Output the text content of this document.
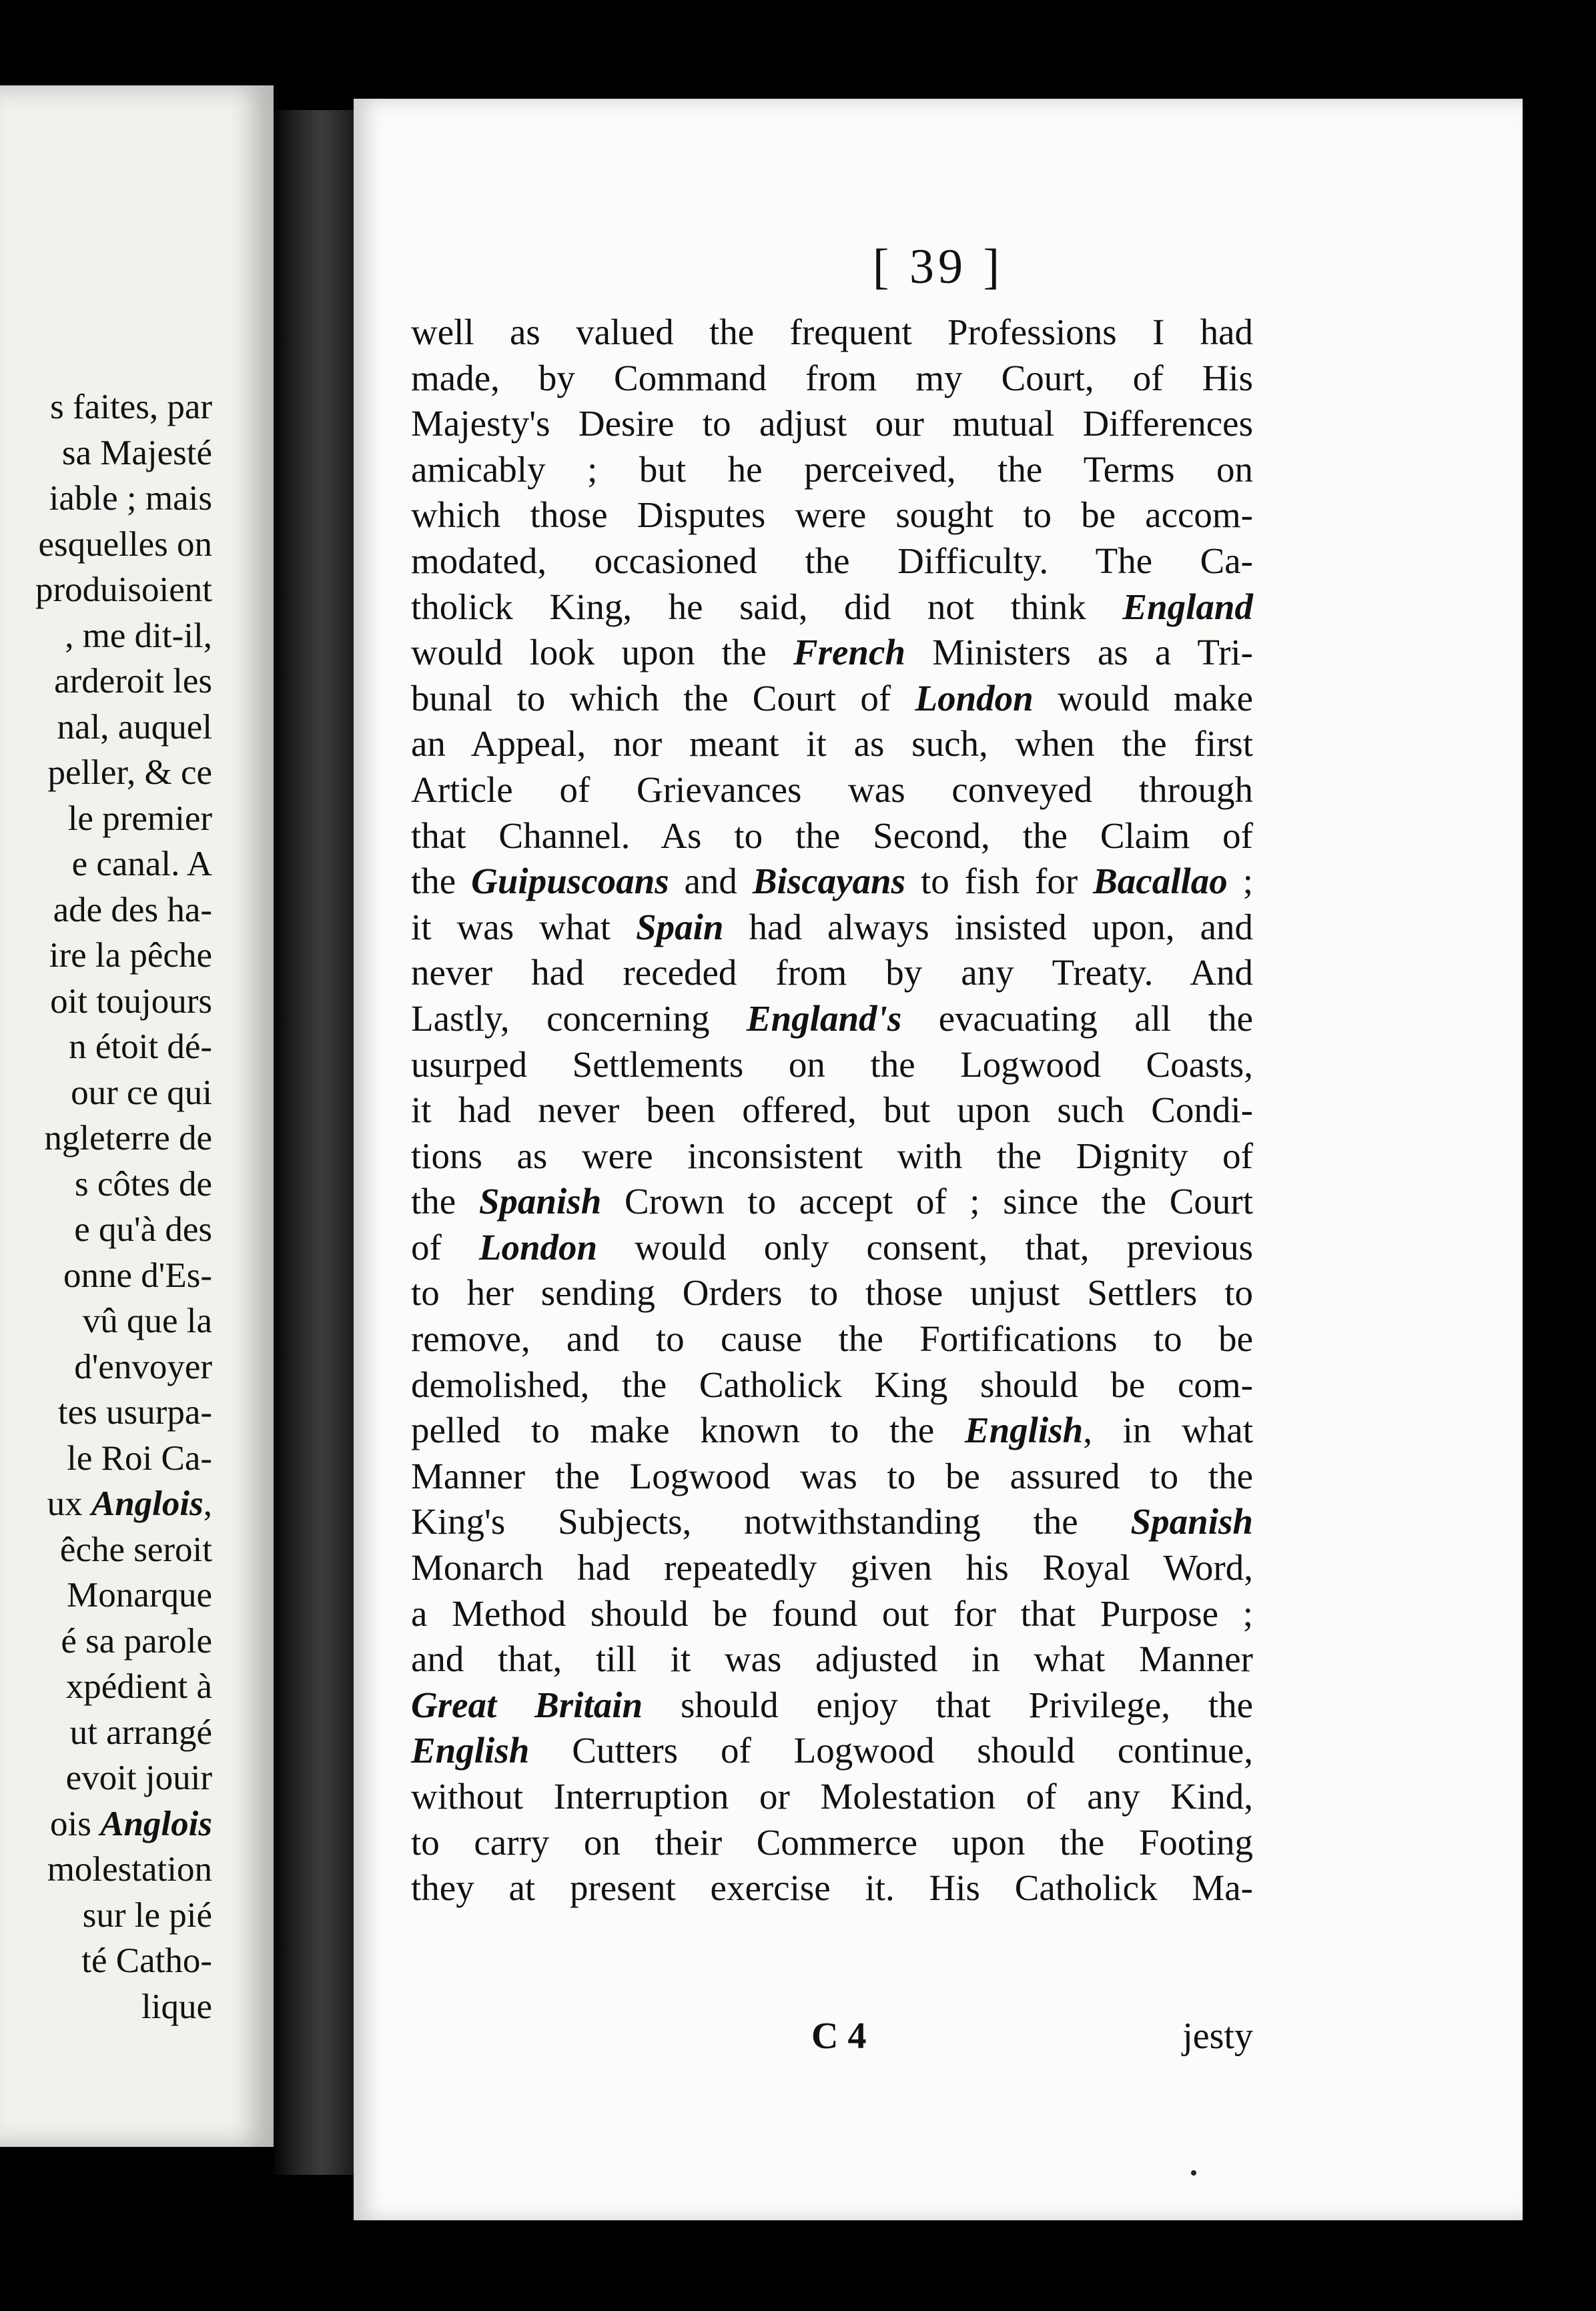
s faites, par
sa Majesté
iable ; mais
esquelles on
produisoient
, me dit-il,
arderoit les
nal, auquel
peller, & ce
le premier
e canal. A
ade des ha-
ire la pêche
oit toujours
n étoit dé-
our ce qui
ngleterre de
s côtes de
e qu'à des
onne d'Es-
vû que la
d'envoyer
tes usurpa-
le Roi Ca-
ux Anglois,
êche seroit
Monarque
é sa parole
xpédient à
ut arrangé
evoit jouir
ois Anglois
molestation
sur le pié
té Catho-
lique
[ 39 ]
well as valued the frequent Professions I had
made, by Command from my Court, of His
Majesty's Desire to adjust our mutual Differences
amicably ; but he perceived, the Terms on
which those Disputes were sought to be accom-
modated, occasioned the Difficulty. The Ca-
tholick King, he said, did not think England
would look upon the French Ministers as a Tri-
bunal to which the Court of London would make
an Appeal, nor meant it as such, when the first
Article of Grievances was conveyed through
that Channel. As to the Second, the Claim of
the Guipuscoans and Biscayans to fish for Bacallao ;
it was what Spain had always insisted upon, and
never had receded from by any Treaty. And
Lastly, concerning England's evacuating all the
usurped Settlements on the Logwood Coasts,
it had never been offered, but upon such Condi-
tions as were inconsistent with the Dignity of
the Spanish Crown to accept of ; since the Court
of London would only consent, that, previous
to her sending Orders to those unjust Settlers to
remove, and to cause the Fortifications to be
demolished, the Catholick King should be com-
pelled to make known to the English, in what
Manner the Logwood was to be assured to the
King's Subjects, notwithstanding the Spanish
Monarch had repeatedly given his Royal Word,
a Method should be found out for that Purpose ;
and that, till it was adjusted in what Manner
Great Britain should enjoy that Privilege, the
English Cutters of Logwood should continue,
without Interruption or Molestation of any Kind,
to carry on their Commerce upon the Footing
they at present exercise it. His Catholick Ma-
C 4	jesty
